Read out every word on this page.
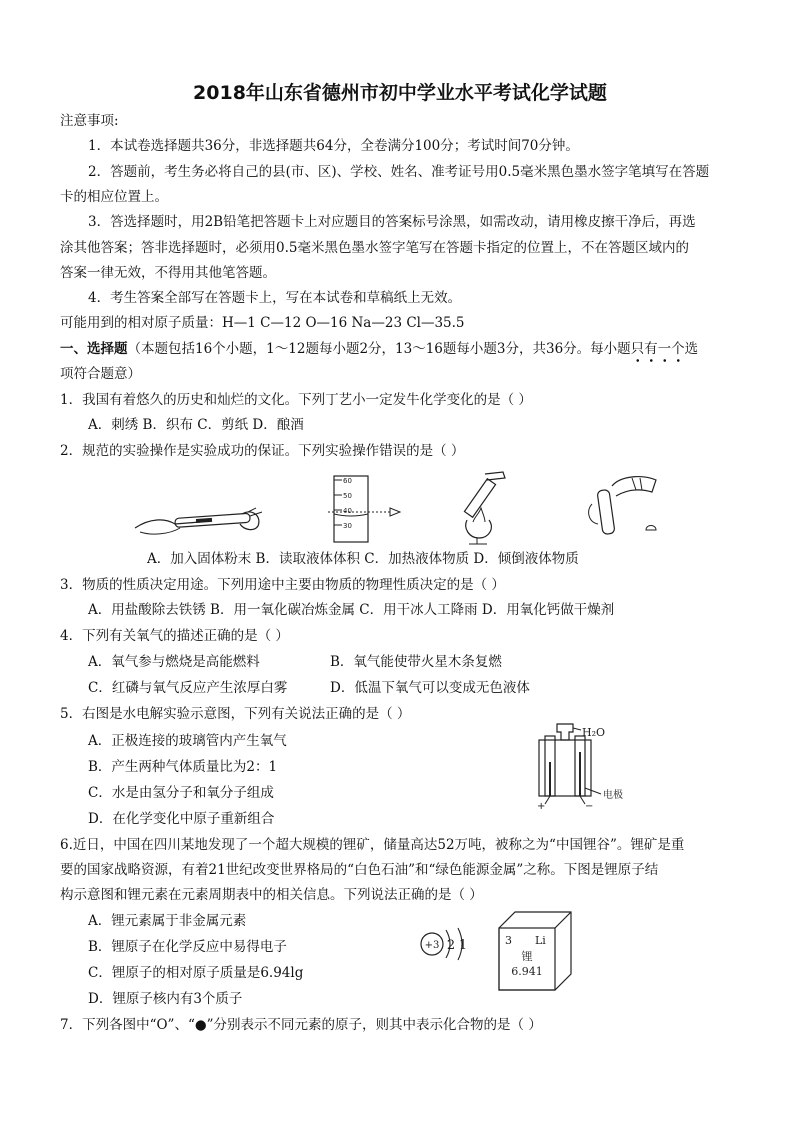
2018年山东省德州市初中学业水平考试化学试题
注意事项:
1．本试卷选择题共36分，非选择题共64分，全卷满分100分；考试时间70分钟。
2．答题前，考生务必将自己的县(市、区)、学校、姓名、准考证号用0.5毫米黑色墨水签字笔填写在答题
卡的相应位置上。
3．答选择题时，用2B铅笔把答题卡上对应题目的答案标号涂黑，如需改动，请用橡皮擦干净后，再选
涂其他答案；答非选择题时，必须用0.5毫米黑色墨水签字笔写在答题卡指定的位置上，不在答题区域内的
答案一律无效，不得用其他笔答题。
4．考生答案全部写在答题卡上，写在本试卷和草稿纸上无效。
可能用到的相对原子质量：H—1 C—12 O—16 Na—23 Cl—35.5
一、选择题（本题包括16个小题，1～12题每小题2分，13～16题每小题3分，共36分。每小题只有一个选
项符合题意）
1．我国有着悠久的历史和灿烂的文化。下列丁艺小一定发牛化学变化的是（ ）
A．刺绣 B．织布 C．剪纸 D．酿酒
2．规范的实验操作是实验成功的保证。下列实验操作错误的是（ ）
60
50
40
30
A．加入固体粉末 B．读取液体体积 C．加热液体物质 D．倾倒液体物质
3．物质的性质决定用途。下列用途中主要由物质的物理性质决定的是（ ）
A．用盐酸除去铁锈 B．用一氧化碳冶炼金属 C．用干冰人工降雨 D．用氧化钙做干燥剂
4．下列有关氧气的描述正确的是（ ）
A．氧气参与燃烧是高能燃料	B．氧气能使带火星木条复燃
C．红磷与氧气反应产生浓厚白雾	D．低温下氧气可以变成无色液体
5．右图是水电解实验示意图，下列有关说法正确的是（ ）
A．正极连接的玻璃管内产生氧气
B．产生两种气体质量比为2：1
C．水是由氢分子和氧分子组成
D．在化学变化中原子重新组合
H₂O
电极
+	−
6.近日，中国在四川某地发现了一个超大规模的锂矿，储量高达52万吨，被称之为“中国锂谷”。锂矿是重
要的国家战略资源，有着21世纪改变世界格局的“白色石油”和“绿色能源金属”之称。下图是锂原子结
构示意图和锂元素在元素周期表中的相关信息。下列说法正确的是（ ）
A．锂元素属于非金属元素
B．锂原子在化学反应中易得电子
C．锂原子的相对原子质量是6.94lg
D．锂原子核内有3个质子
+3 2 1	3 Li
锂
6.941
7．下列各图中“O”、“●”分别表示不同元素的原子，则其中表示化合物的是（ ）
